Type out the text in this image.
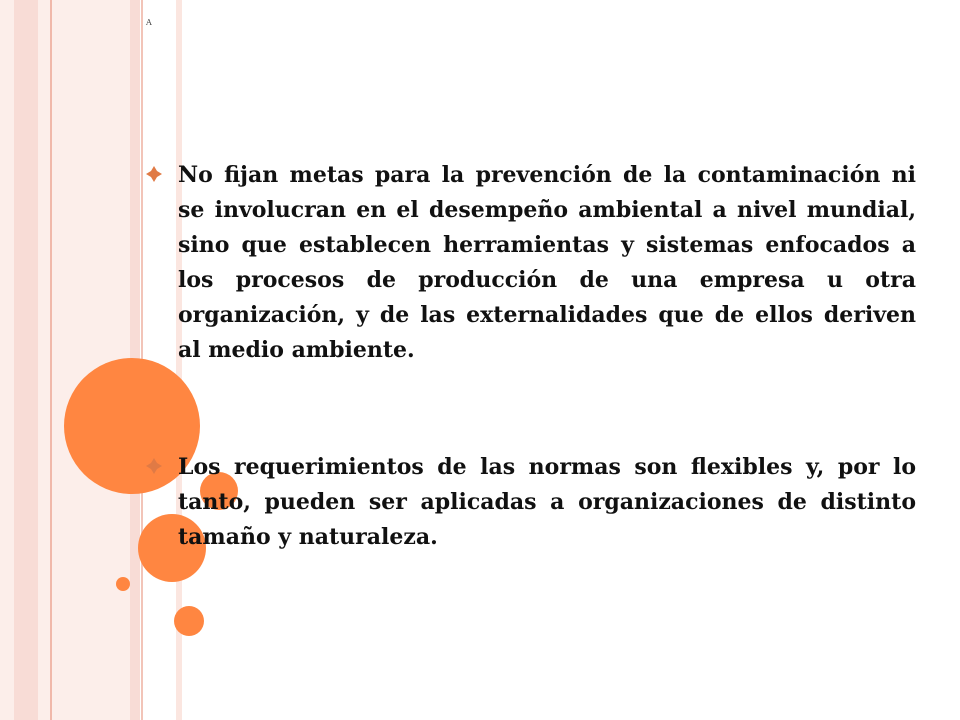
A
No fijan metas para la prevención de la contaminación ni se involucran en el desempeño ambiental a nivel mundial, sino que establecen herramientas y sistemas enfocados a los procesos de producción de una empresa u otra organización, y de las externalidades que de ellos deriven al medio ambiente.
Los requerimientos de las normas son flexibles y, por lo tanto, pueden ser aplicadas a organizaciones de distinto tamaño y naturaleza.
